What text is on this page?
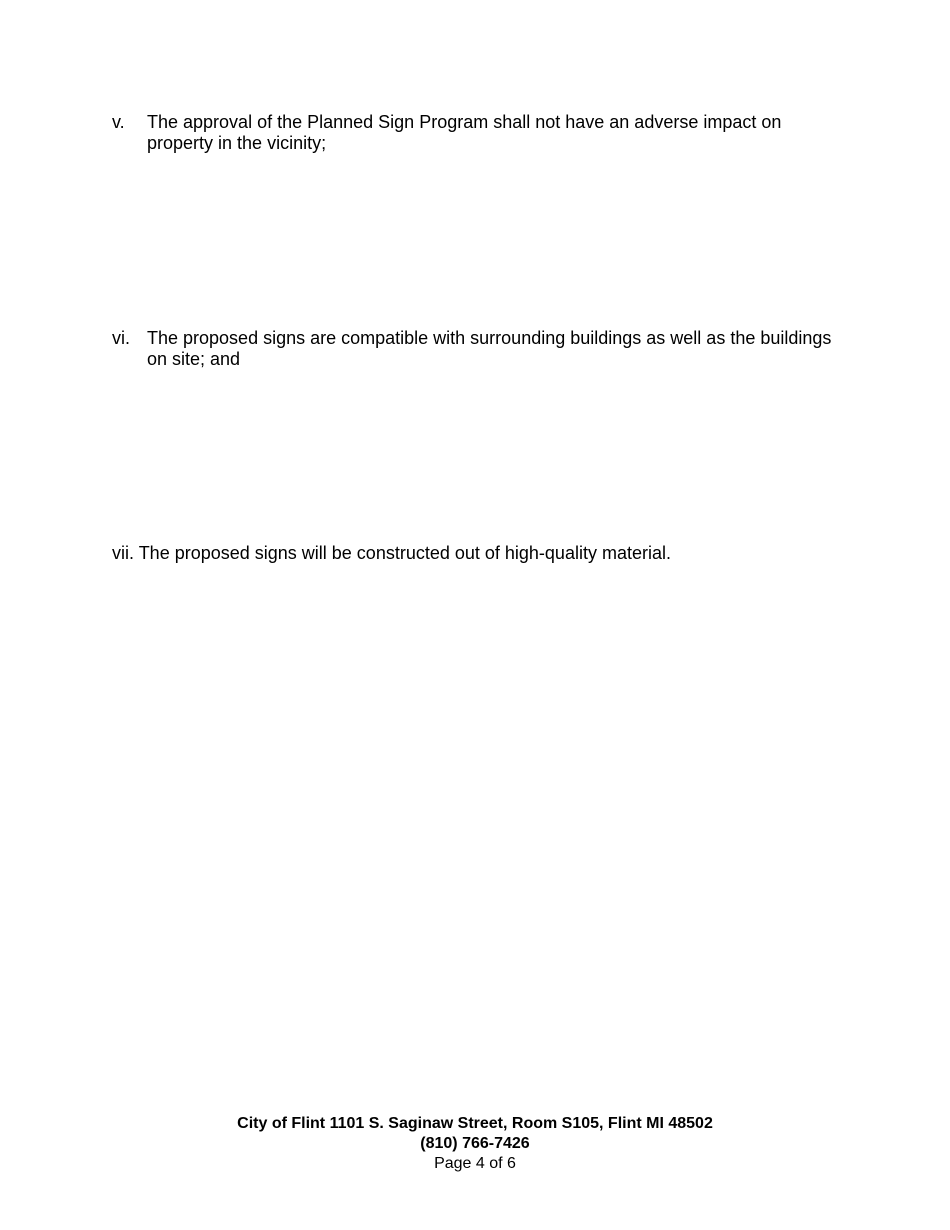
v. The approval of the Planned Sign Program shall not have an adverse impact on property in the vicinity;
vi. The proposed signs are compatible with surrounding buildings as well as the buildings on site; and
vii. The proposed signs will be constructed out of high-quality material.
City of Flint 1101 S. Saginaw Street, Room S105, Flint MI 48502
(810) 766-7426
Page 4 of 6
